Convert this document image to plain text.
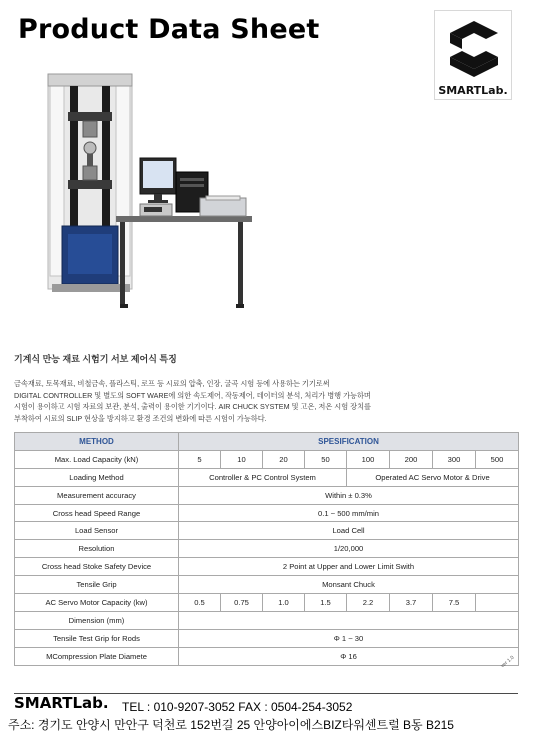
Product Data Sheet
SMARTLab.
기계식 만능 재료 시험기 서보 제어식 특징
금속재료, 토목재료, 비철금속, 플라스틱, 로프 등 시료의 압축, 인장, 굴곡 시험 등에 사용하는 기기로써
DIGITAL CONTROLLER 및 별도의 SOFT WARE에 의한 속도제어, 작동제어, 데이터의 분석, 처리가 병행 가능하며
시험이 용이하고 시험 자료의 보관, 분석, 출력이 용이한 기기이다. AIR CHUCK SYSTEM 및 고온, 저온 시험 장치를
부착하여 시료의 SLIP 현상을 방지하고 환경 조건의 변화에 따른 시험이 가능하다.
METHOD	SPESIFICATION							
Max. Load Capacity (kN)	5	10	20	50	100	200	300	500
Loading Method	Controller & PC Control System				Operated AC Servo Motor & Drive			
Measurement accuracy	Within ± 0.3%							
Cross head Speed Range	0.1 ~ 500 mm/min							
Load Sensor	Load Cell							
Resolution	1/20,000							
Cross head Stoke Safety Device	2 Point at Upper and Lower Limit Swith							
Tensile Grip	Monsant Chuck							
AC Servo Motor Capacity (kw)	0.5	0.75	1.0	1.5	2.2	3.7	7.5	
Dimension (mm)								
Tensile Test Grip for Rods	Φ 1 ~ 30							
MCompression Plate Diamete	Φ 16								ver 1.0
SMARTLab. TEL : 010-9207-3052 FAX : 0504-254-3052
주소: 경기도 안양시 만안구 덕천로 152번길 25 안양아이에스BIZ타워센트럴 B동 B215
